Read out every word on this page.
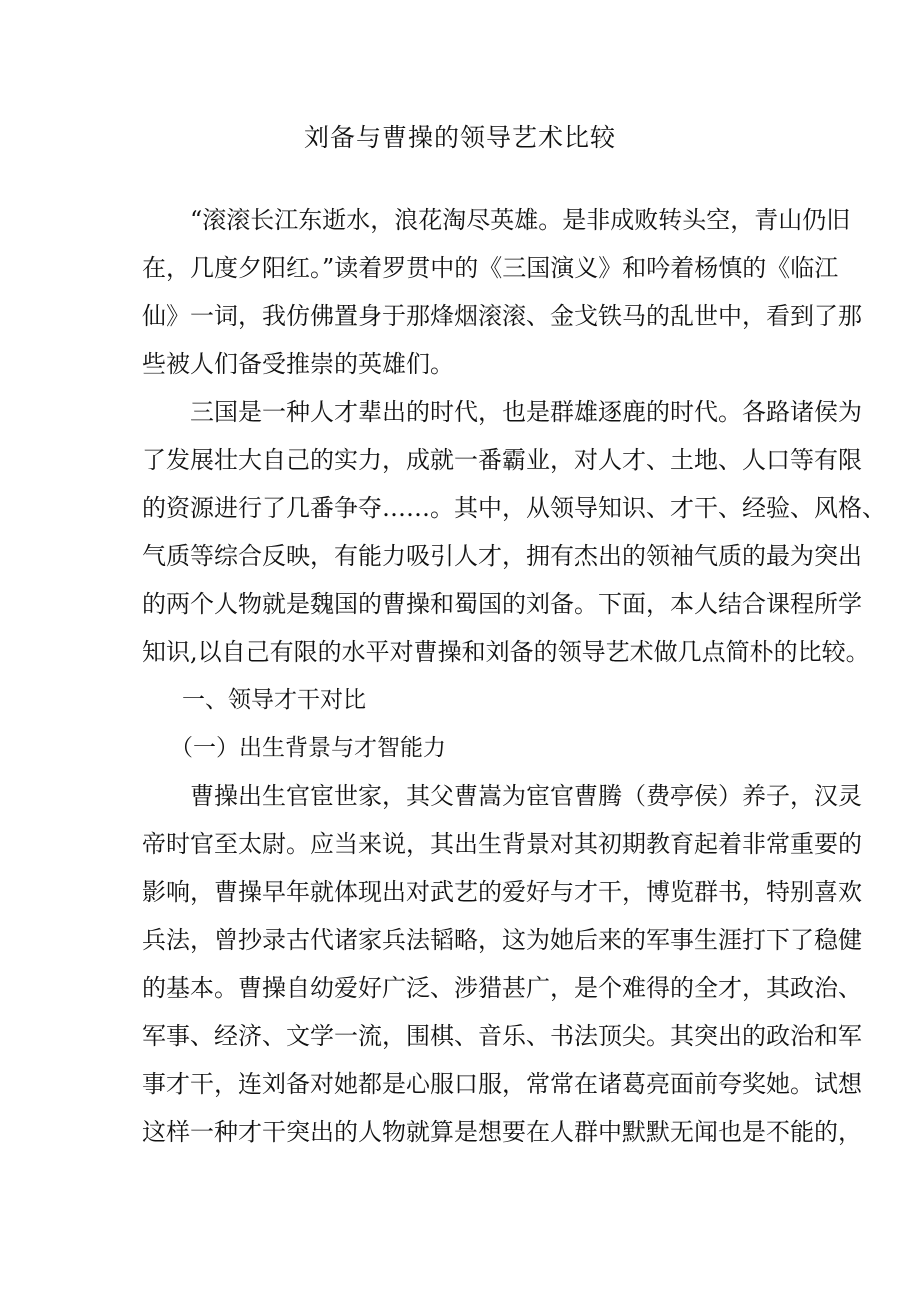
刘备与曹操的领导艺术比较
“滚滚长江东逝水，浪花淘尽英雄。是非成败转头空，青山仍旧
在，几度夕阳红。”读着罗贯中的《三国演义》和吟着杨慎的《临江
仙》一词，我仿佛置身于那烽烟滚滚、金戈铁马的乱世中，看到了那
些被人们备受推崇的英雄们。
三国是一种人才辈出的时代，也是群雄逐鹿的时代。各路诸侯为
了发展壮大自己的实力，成就一番霸业，对人才、土地、人口等有限
的资源进行了几番争夺……。其中，从领导知识、才干、经验、风格、
气质等综合反映，有能力吸引人才，拥有杰出的领袖气质的最为突出
的两个人物就是魏国的曹操和蜀国的刘备。下面，本人结合课程所学
知识,以自己有限的水平对曹操和刘备的领导艺术做几点简朴的比较。
一、领导才干对比
（一）出生背景与才智能力
曹操出生官宦世家，其父曹嵩为宦官曹腾（费亭侯）养子，汉灵
帝时官至太尉。应当来说，其出生背景对其初期教育起着非常重要的
影响，曹操早年就体现出对武艺的爱好与才干，博览群书，特别喜欢
兵法，曾抄录古代诸家兵法韬略，这为她后来的军事生涯打下了稳健
的基本。曹操自幼爱好广泛、涉猎甚广，是个难得的全才，其政治、
军事、经济、文学一流，围棋、音乐、书法顶尖。其突出的政治和军
事才干，连刘备对她都是心服口服，常常在诸葛亮面前夸奖她。试想
这样一种才干突出的人物就算是想要在人群中默默无闻也是不能的，
